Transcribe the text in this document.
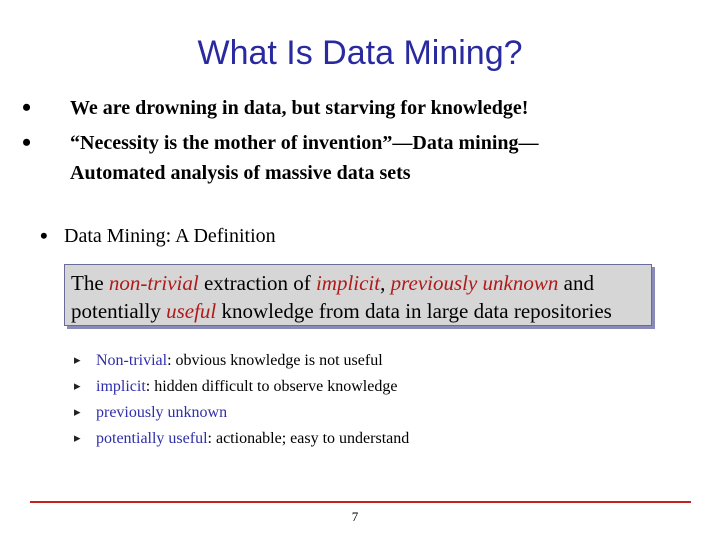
What Is Data Mining?
• We are drowning in data, but starving for knowledge!
• “Necessity is the mother of invention”—Data mining—
Automated analysis of massive data sets
• Data Mining: A Definition
The non-trivial extraction of implicit, previously unknown and
potentially useful knowledge from data in large data repositories
▸ Non-trivial: obvious knowledge is not useful
▸ implicit: hidden difficult to observe knowledge
▸ previously unknown
▸ potentially useful: actionable; easy to understand
7
